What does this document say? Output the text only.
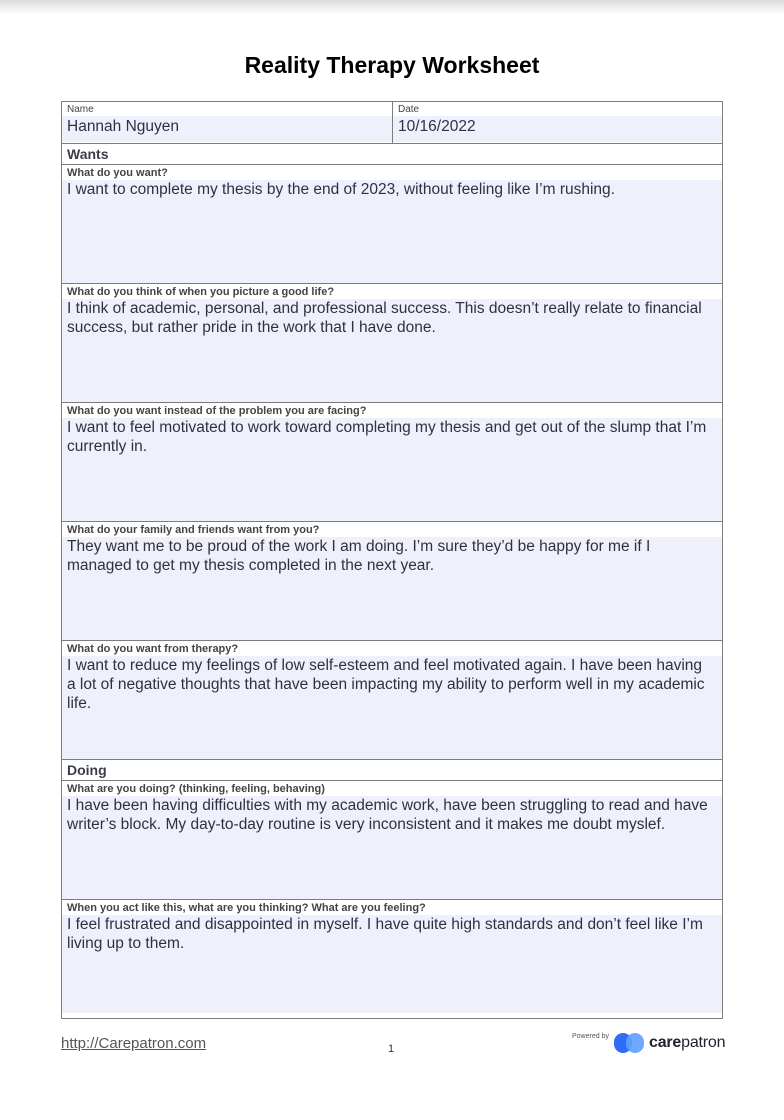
Reality Therapy Worksheet
Name
Hannah Nguyen
Date
10/16/2022
Wants
What do you want?
I want to complete my thesis by the end of 2023, without feeling like I’m rushing.
What do you think of when you picture a good life?
I think of academic, personal, and professional success. This doesn’t really relate to financial success, but rather pride in the work that I have done.
What do you want instead of the problem you are facing?
I want to feel motivated to work toward completing my thesis and get out of the slump that I’m currently in.
What do your family and friends want from you?
They want me to be proud of the work I am doing. I’m sure they’d be happy for me if I managed to get my thesis completed in the next year.
What do you want from therapy?
I want to reduce my feelings of low self-esteem and feel motivated again. I have been having a lot of negative thoughts that have been impacting my ability to perform well in my academic life.
Doing
What are you doing? (thinking, feeling, behaving)
I have been having difficulties with my academic work, have been struggling to read and have writer’s block. My day-to-day routine is very inconsistent and it makes me doubt myslef.
When you act like this, what are you thinking? What are you feeling?
I feel frustrated and disappointed in myself. I have quite high standards and don’t feel like I’m living up to them.
http://Carepatron.com	1
Powered by	carepatron
